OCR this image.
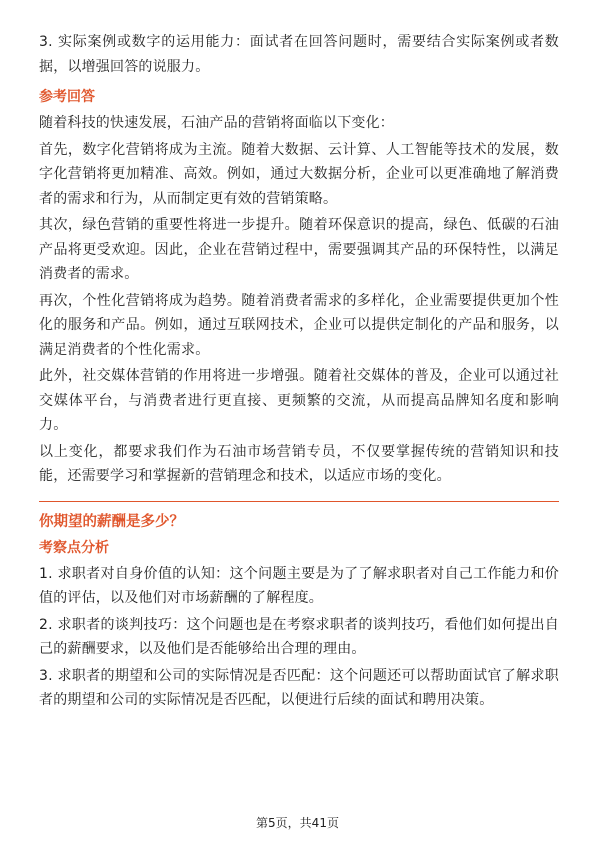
3. 实际案例或数字的运用能力：面试者在回答问题时，需要结合实际案例或者数据，以增强回答的说服力。

参考回答

随着科技的快速发展，石油产品的营销将面临以下变化：

首先，数字化营销将成为主流。随着大数据、云计算、人工智能等技术的发展，数字化营销将更加精准、高效。例如，通过大数据分析，企业可以更准确地了解消费者的需求和行为，从而制定更有效的营销策略。

其次，绿色营销的重要性将进一步提升。随着环保意识的提高，绿色、低碳的石油产品将更受欢迎。因此，企业在营销过程中，需要强调其产品的环保特性，以满足消费者的需求。

再次，个性化营销将成为趋势。随着消费者需求的多样化，企业需要提供更加个性化的服务和产品。例如，通过互联网技术，企业可以提供定制化的产品和服务，以满足消费者的个性化需求。

此外，社交媒体营销的作用将进一步增强。随着社交媒体的普及，企业可以通过社交媒体平台，与消费者进行更直接、更频繁的交流，从而提高品牌知名度和影响力。

以上变化，都要求我们作为石油市场营销专员，不仅要掌握传统的营销知识和技能，还需要学习和掌握新的营销理念和技术，以适应市场的变化。

你期望的薪酬是多少？
考察点分析

1. 求职者对自身价值的认知：这个问题主要是为了了解求职者对自己工作能力和价值的评估，以及他们对市场薪酬的了解程度。

2. 求职者的谈判技巧：这个问题也是在考察求职者的谈判技巧，看他们如何提出自己的薪酬要求，以及他们是否能够给出合理的理由。

3. 求职者的期望和公司的实际情况是否匹配：这个问题还可以帮助面试官了解求职者的期望和公司的实际情况是否匹配，以便进行后续的面试和聘用决策。

第5页，共41页
